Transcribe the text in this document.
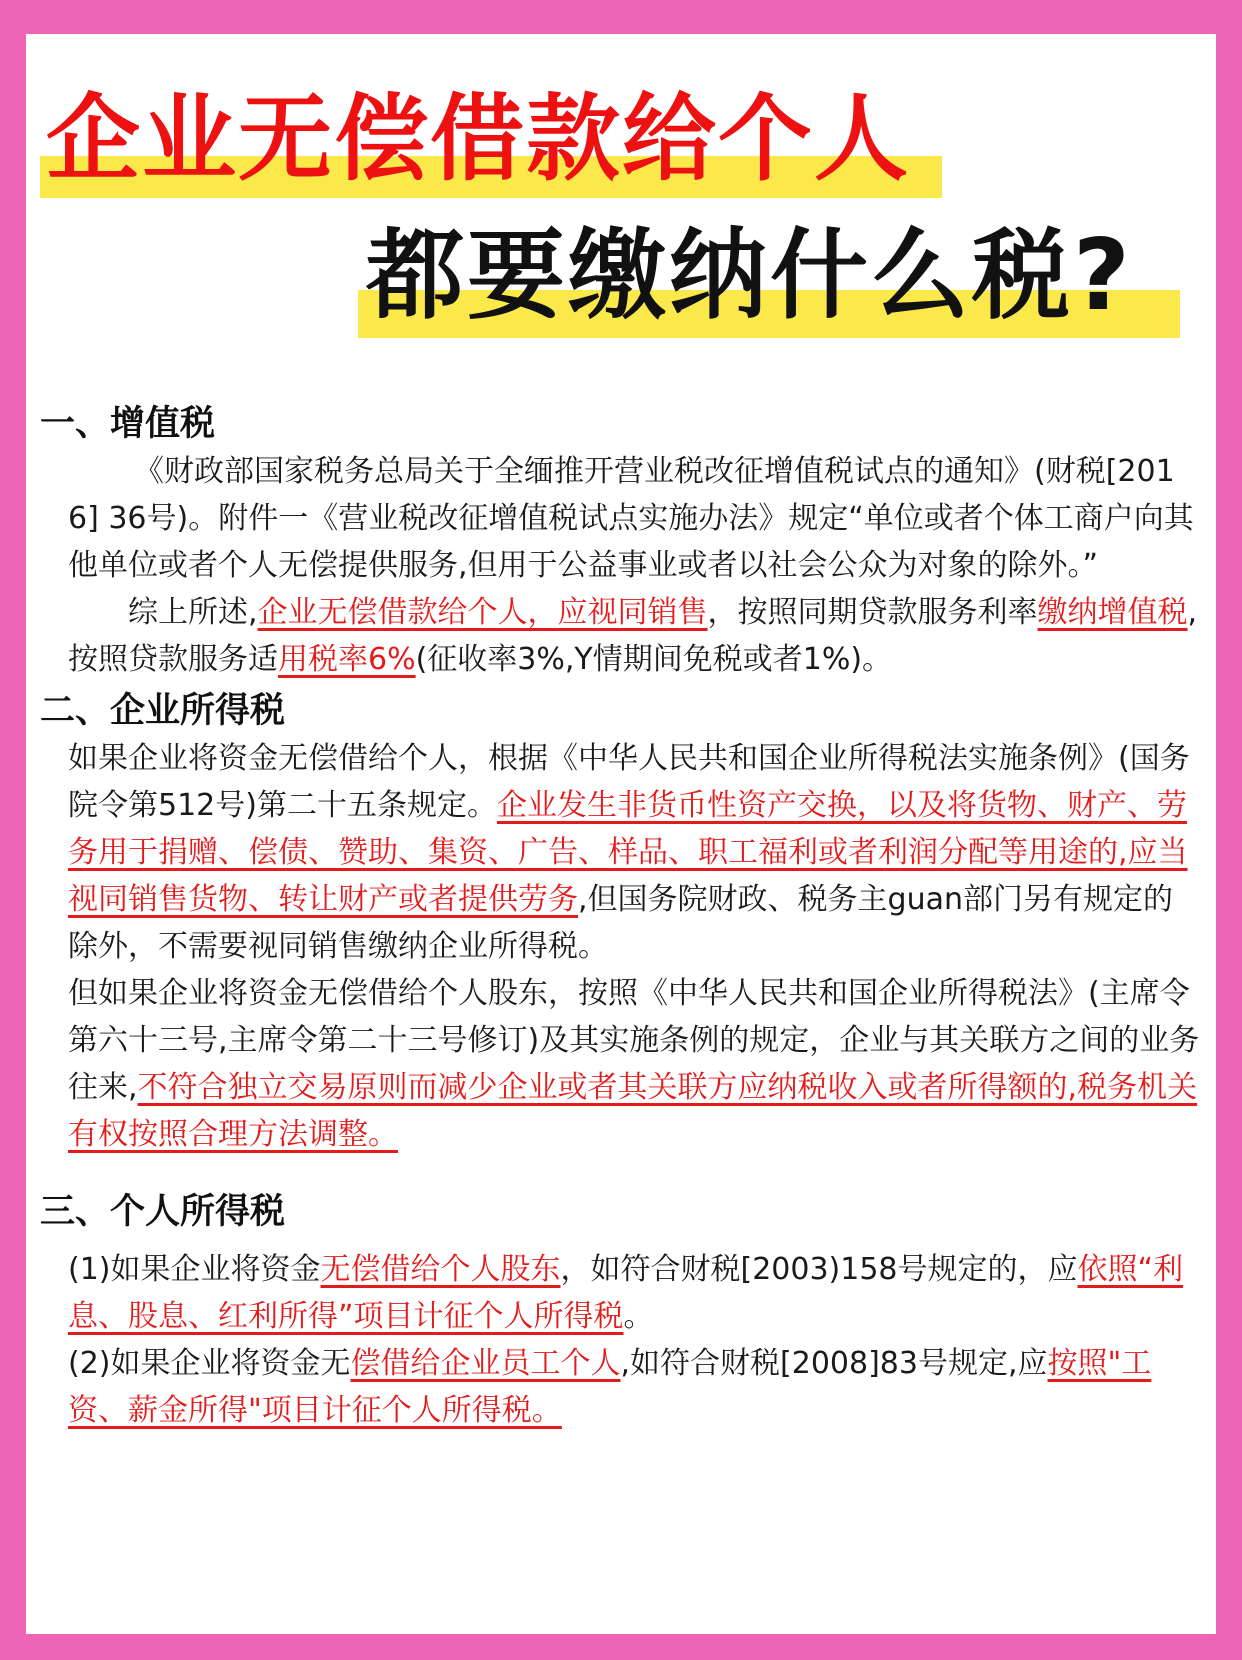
企业无偿借款给个人
都要缴纳什么税?
一、增值税

《财政部国家税务总局关于全缅推开营业税改征增值税试点的通知》(财税[2016] 36号)。附件一《营业税改征增值税试点实施办法》规定“单位或者个体工商户向其他单位或者个人无偿提供服务,但用于公益事业或者以社会公众为对象的除外。”

综上所述,企业无偿借款给个人，应视同销售，按照同期贷款服务利率缴纳增值税,按照贷款服务适用税率6%(征收率3%,Y情期间免税或者1%)。

二、企业所得税

如果企业将资金无偿借给个人，根据《中华人民共和国企业所得税法实施条例》(国务院令第512号)第二十五条规定。企业发生非货币性资产交换，以及将货物、财产、劳务用于捐赠、偿债、赞助、集资、广告、样品、职工福利或者利润分配等用途的,应当视同销售货物、转让财产或者提供劳务,但国务院财政、税务主guan部门另有规定的除外，不需要视同销售缴纳企业所得税。

但如果企业将资金无偿借给个人股东，按照《中华人民共和国企业所得税法》(主席令第六十三号,主席令第二十三号修订)及其实施条例的规定，企业与其关联方之间的业务往来,不符合独立交易原则而减少企业或者其关联方应纳税收入或者所得额的,税务机关有权按照合理方法调整。

三、个人所得税

(1)如果企业将资金无偿借给个人股东，如符合财税[2003)158号规定的，应依照“利息、股息、红利所得”项目计征个人所得税。

(2)如果企业将资金无偿借给企业员工个人,如符合财税[2008]83号规定,应按照"工资、薪金所得"项目计征个人所得税。
